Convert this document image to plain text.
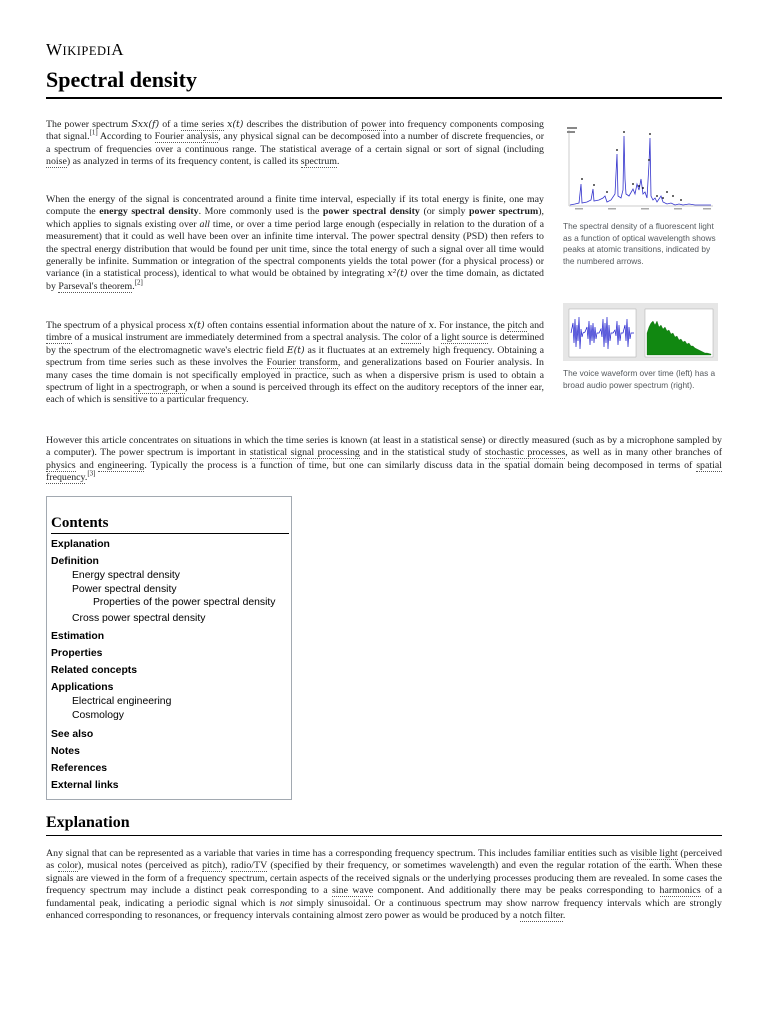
WIKIPEDIA
Spectral density

The power spectrum Sxx(f) of a time series x(t) describes the distribution of power into frequency components composing that signal.[1] According to Fourier analysis, any physical signal can be decomposed into a number of discrete frequencies, or a spectrum of frequencies over a continuous range. The statistical average of a certain signal or sort of signal (including noise) as analyzed in terms of its frequency content, is called its spectrum.

When the energy of the signal is concentrated around a finite time interval, especially if its total energy is finite, one may compute the energy spectral density. More commonly used is the power spectral density (or simply power spectrum), which applies to signals existing over all time, or over a time period large enough (especially in relation to the duration of a measurement) that it could as well have been over an infinite time interval. The power spectral density (PSD) then refers to the spectral energy distribution that would be found per unit time, since the total energy of such a signal over all time would generally be infinite. Summation or integration of the spectral components yields the total power (for a physical process) or variance (in a statistical process), identical to what would be obtained by integrating x²(t) over the time domain, as dictated by Parseval's theorem.[2]

The spectrum of a physical process x(t) often contains essential information about the nature of x. For instance, the pitch and timbre of a musical instrument are immediately determined from a spectral analysis. The color of a light source is determined by the spectrum of the electromagnetic wave's electric field E(t) as it fluctuates at an extremely high frequency. Obtaining a spectrum from time series such as these involves the Fourier transform, and generalizations based on Fourier analysis. In many cases the time domain is not specifically employed in practice, such as when a dispersive prism is used to obtain a spectrum of light in a spectrograph, or when a sound is perceived through its effect on the auditory receptors of the inner ear, each of which is sensitive to a particular frequency.

However this article concentrates on situations in which the time series is known (at least in a statistical sense) or directly measured (such as by a microphone sampled by a computer). The power spectrum is important in statistical signal processing and in the statistical study of stochastic processes, as well as in many other branches of physics and engineering. Typically the process is a function of time, but one can similarly discuss data in the spatial domain being decomposed in terms of spatial frequency.[3]

The spectral density of a fluorescent light as a function of optical wavelength shows peaks at atomic transitions, indicated by the numbered arrows.
The voice waveform over time (left) has a broad audio power spectrum (right).
Contents
Explanation
Definition
Energy spectral density
Power spectral density
Properties of the power spectral density
Cross power spectral density
Estimation
Properties
Related concepts
Applications
Electrical engineering
Cosmology
See also
Notes
References
External links
Explanation

Any signal that can be represented as a variable that varies in time has a corresponding frequency spectrum. This includes familiar entities such as visible light (perceived as color), musical notes (perceived as pitch), radio/TV (specified by their frequency, or sometimes wavelength) and even the regular rotation of the earth. When these signals are viewed in the form of a frequency spectrum, certain aspects of the received signals or the underlying processes producing them are revealed. In some cases the frequency spectrum may include a distinct peak corresponding to a sine wave component. And additionally there may be peaks corresponding to harmonics of a fundamental peak, indicating a periodic signal which is not simply sinusoidal. Or a continuous spectrum may show narrow frequency intervals which are strongly enhanced corresponding to resonances, or frequency intervals containing almost zero power as would be produced by a notch filter.
